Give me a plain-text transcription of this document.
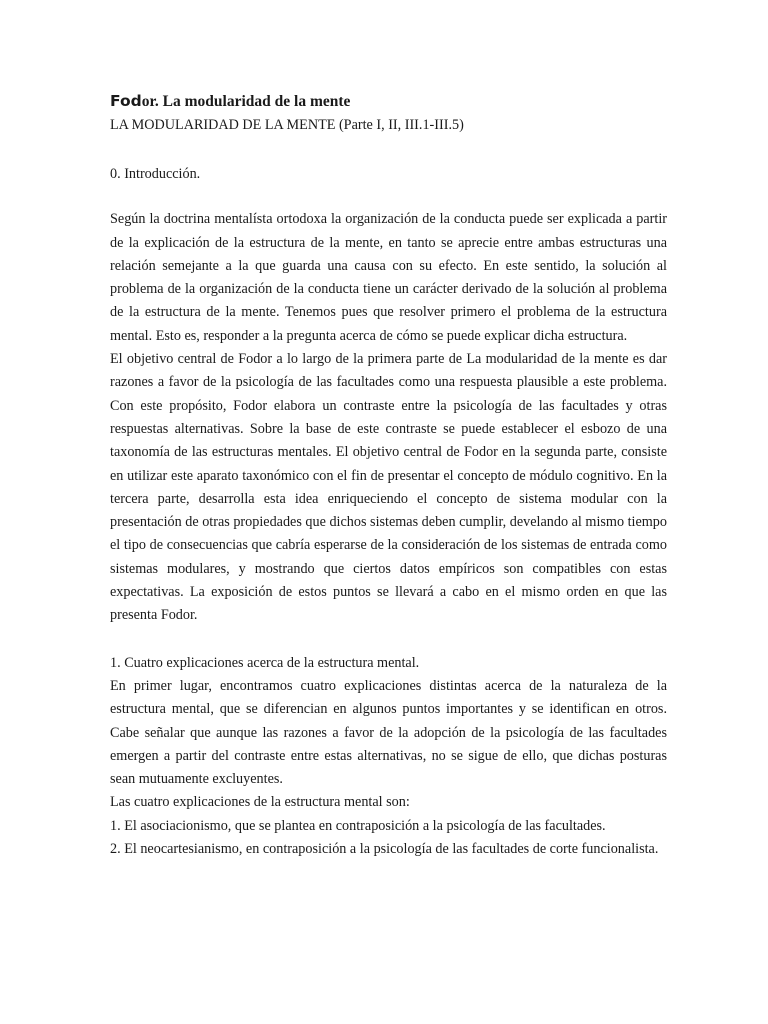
Fodor. La modularidad de la mente

LA MODULARIDAD DE LA MENTE (Parte I, II, III.1-III.5)

0. Introducción.

Según la doctrina mentalísta ortodoxa la organización de la conducta puede ser explicada a partir de la explicación de la estructura de la mente, en tanto se aprecie entre ambas estructuras una relación semejante a la que guarda una causa con su efecto. En este sentido, la solución al problema de la organización de la conducta tiene un carácter derivado de la solución al problema de la estructura de la mente. Tenemos pues que resolver primero el problema de la estructura mental. Esto es, responder a la pregunta acerca de cómo se puede explicar dicha estructura.

El objetivo central de Fodor a lo largo de la primera parte de La modularidad de la mente es dar razones a favor de la psicología de las facultades como una respuesta plausible a este problema. Con este propósito, Fodor elabora un contraste entre la psicología de las facultades y otras respuestas alternativas. Sobre la base de este contraste se puede establecer el esbozo de una taxonomía de las estructuras mentales. El objetivo central de Fodor en la segunda parte, consiste en utilizar este aparato taxonómico con el fin de presentar el concepto de módulo cognitivo. En la tercera parte, desarrolla esta idea enriqueciendo el concepto de sistema modular con la presentación de otras propiedades que dichos sistemas deben cumplir, develando al mismo tiempo el tipo de consecuencias que cabría esperarse de la consideración de los sistemas de entrada como sistemas modulares, y mostrando que ciertos datos empíricos son compatibles con estas expectativas. La exposición de estos puntos se llevará a cabo en el mismo orden en que las presenta Fodor.

1. Cuatro explicaciones acerca de la estructura mental.

En primer lugar, encontramos cuatro explicaciones distintas acerca de la naturaleza de la estructura mental, que se diferencian en algunos puntos importantes y se identifican en otros. Cabe señalar que aunque las razones a favor de la adopción de la psicología de las facultades emergen a partir del contraste entre estas alternativas, no se sigue de ello, que dichas posturas sean mutuamente excluyentes.

Las cuatro explicaciones de la estructura mental son:

1. El asociacionismo, que se plantea en contraposición a la psicología de las facultades.

2. El neocartesianismo, en contraposición a la psicología de las facultades de corte funcionalista.
